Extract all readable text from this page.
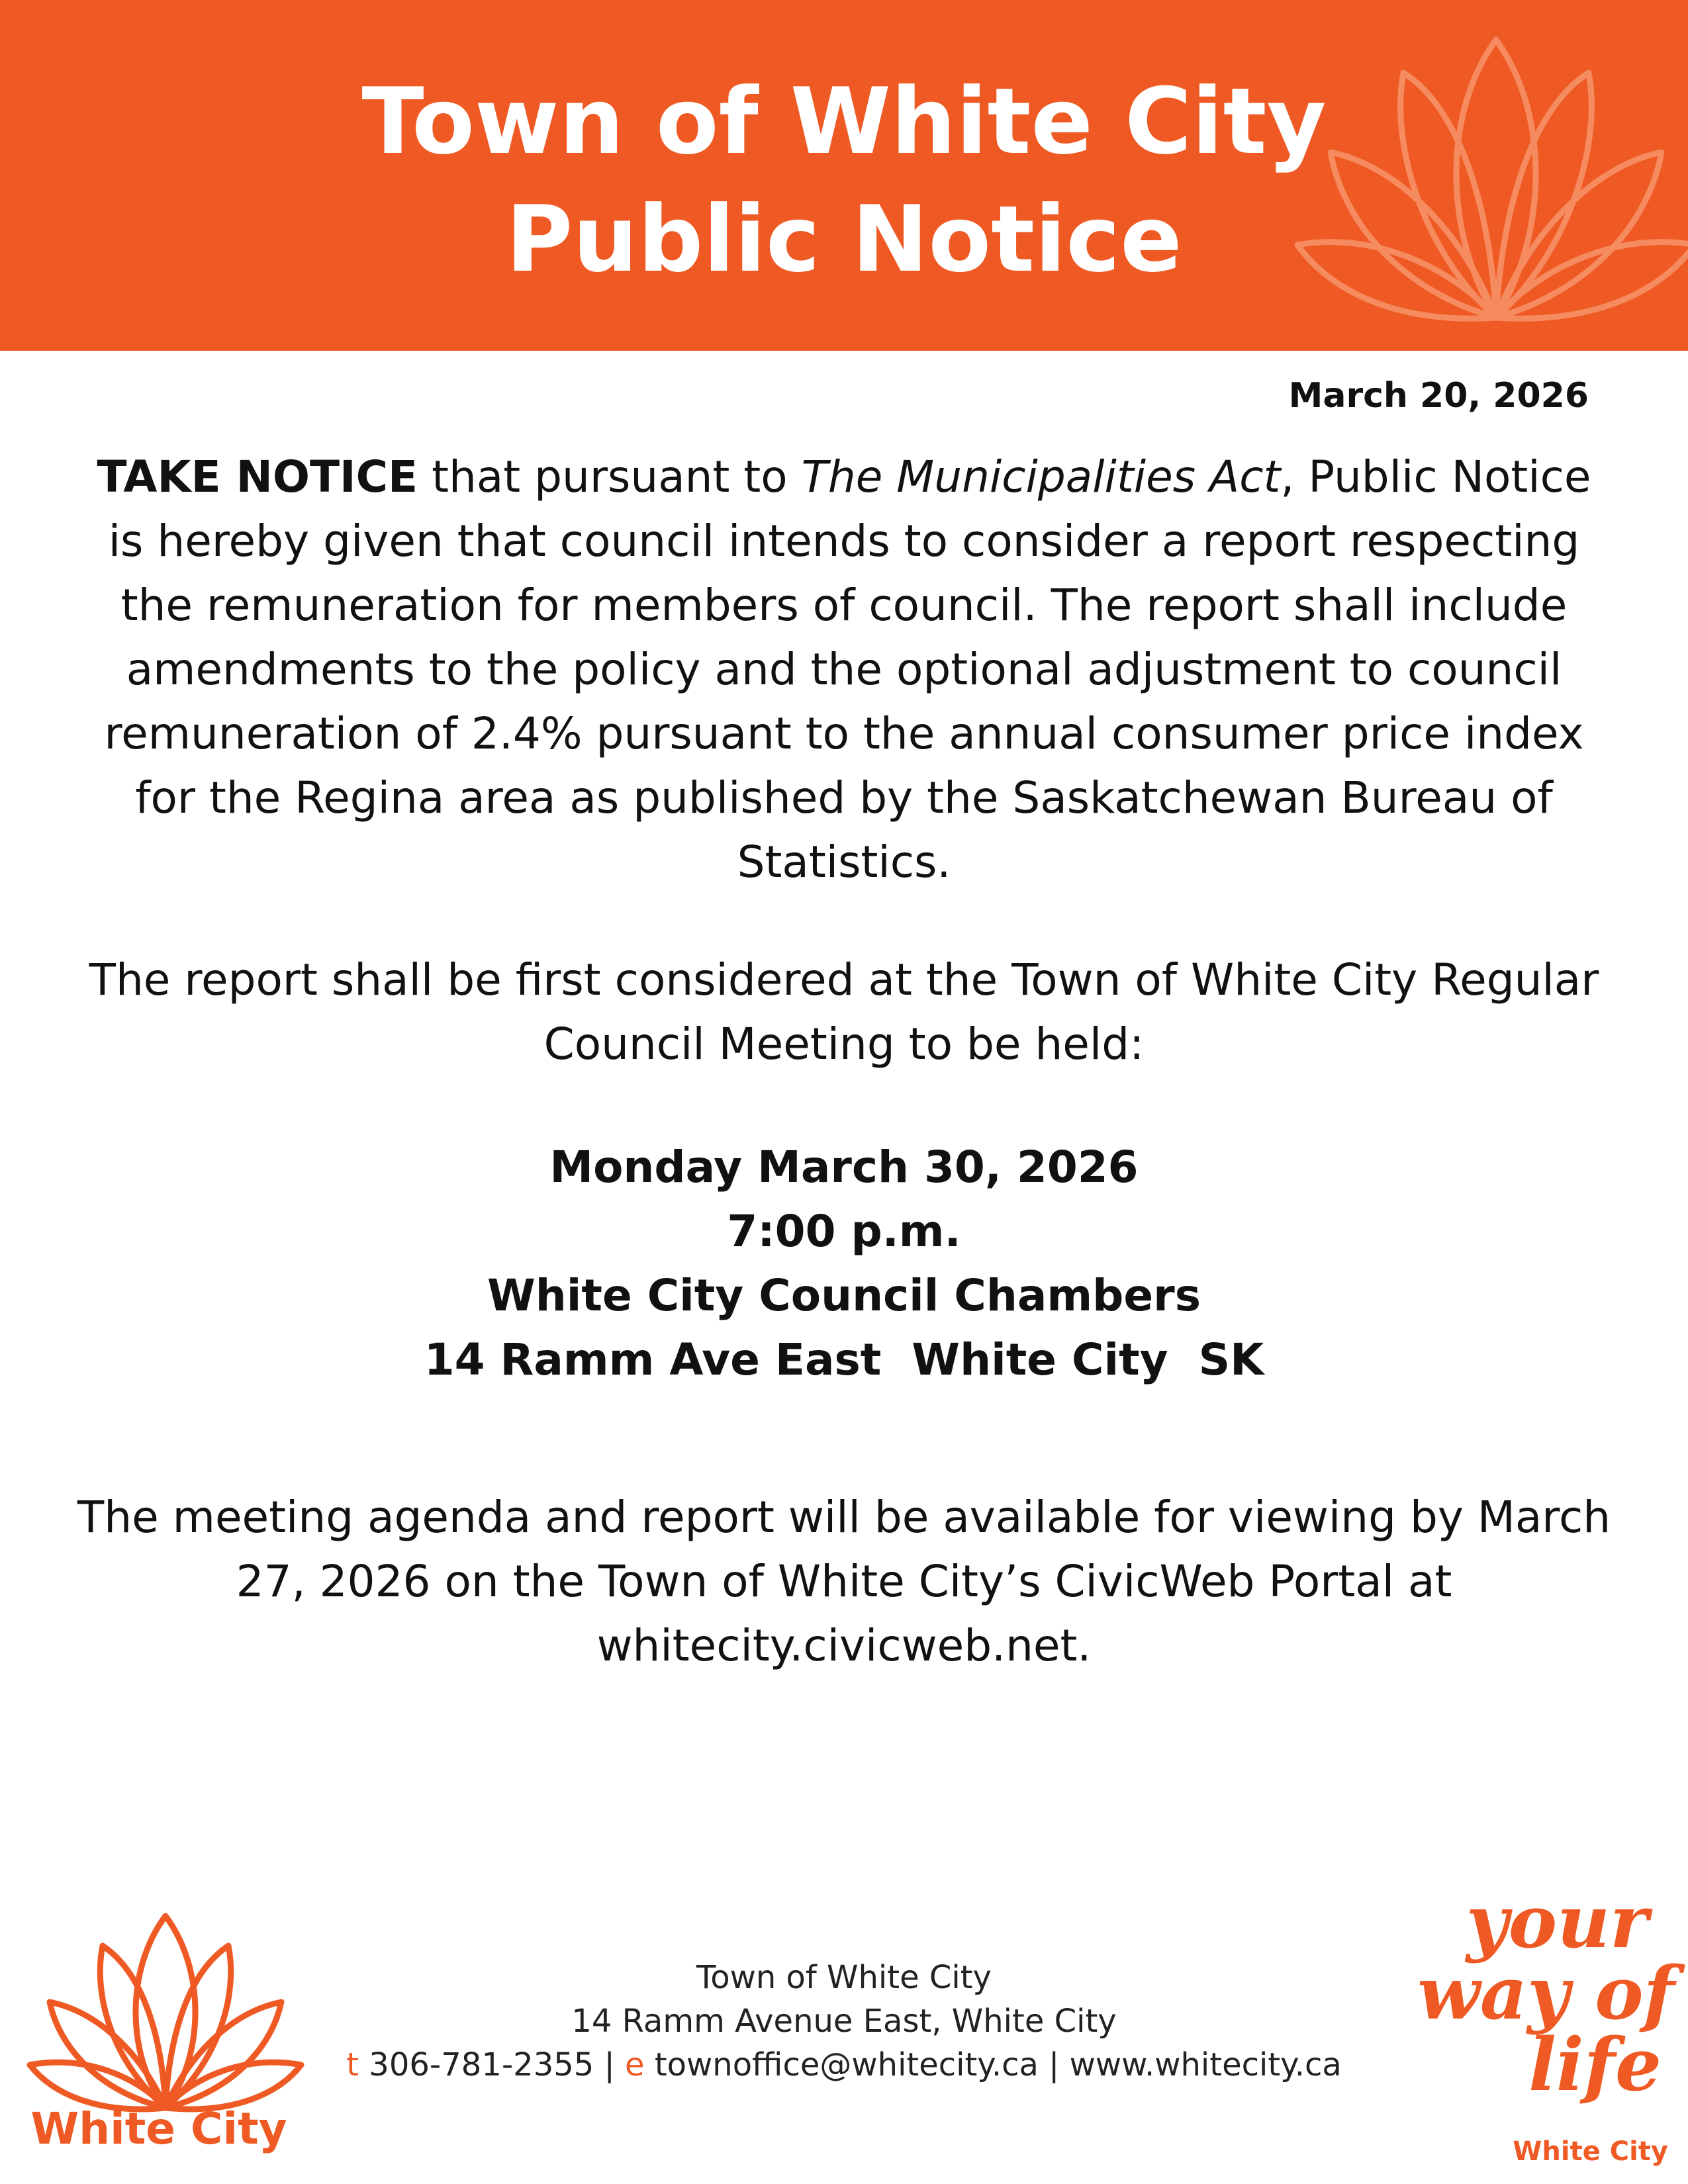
Town of White City
Public Notice
March 20, 2026
TAKE NOTICE that pursuant to The Municipalities Act, Public Notice is hereby given that council intends to consider a report respecting the remuneration for members of council. The report shall include amendments to the policy and the optional adjustment to council remuneration of 2.4% pursuant to the annual consumer price index for the Regina area as published by the Saskatchewan Bureau of Statistics.
The report shall be first considered at the Town of White City Regular Council Meeting to be held:
Monday March 30, 2026
7:00 p.m.
White City Council Chambers
14 Ramm Ave East  White City  SK
The meeting agenda and report will be available for viewing by March 27, 2026 on the Town of White City’s CivicWeb Portal at whitecity.civicweb.net.
White City
Town of White City
14 Ramm Avenue East, White City
t 306-781-2355 | e townoffice@whitecity.ca | www.whitecity.ca
your
way of
life
White City
